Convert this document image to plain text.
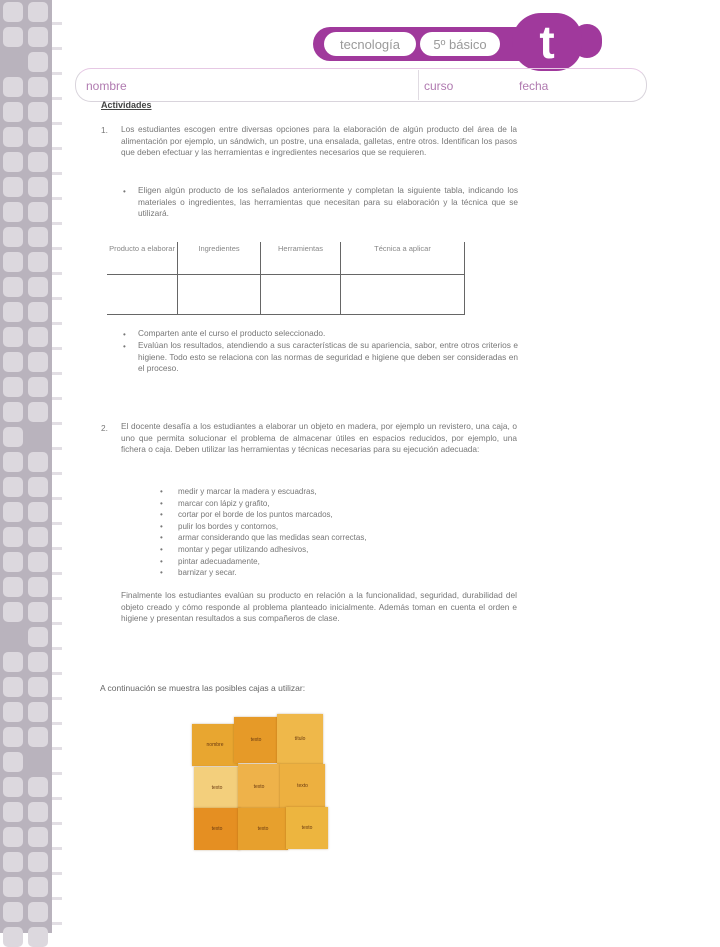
tecnología	5º básico	t
nombre	curso	fecha
Actividades
1. Los estudiantes escogen entre diversas opciones para la elaboración de algún producto del área de la alimentación por ejemplo, un sándwich, un postre, una ensalada, galletas, entre otros. Identifican los pasos que deben efectuar y las herramientas e ingredientes necesarios que se requieren.
• Eligen algún producto de los señalados anteriormente y completan la siguiente tabla, indicando los materiales o ingredientes, las herramientas que necesitan para su elaboración y la técnica que se utilizará.
Producto a elaborar	Ingredientes	Herramientas	Técnica a aplicar

• Comparten ante el curso el producto seleccionado.
• Evalúan los resultados, atendiendo a sus características de su apariencia, sabor, entre otros criterios e higiene. Todo esto se relaciona con las normas de seguridad e higiene que deben ser consideradas en el proceso.
2. El docente desafía a los estudiantes a elaborar un objeto en madera, por ejemplo un revistero, una caja, o uno que permita solucionar el problema de almacenar útiles en espacios reducidos, por ejemplo, una fichera o caja. Deben utilizar las herramientas y técnicas necesarias para su ejecución adecuada:
• medir y marcar la madera y escuadras,
• marcar con lápiz y grafito,
• cortar por el borde de los puntos marcados,
• pulir los bordes y contornos,
• armar considerando que las medidas sean correctas,
• montar y pegar utilizando adhesivos,
• pintar adecuadamente,
• barnizar y secar.
Finalmente los estudiantes evalúan su producto en relación a la funcionalidad, seguridad, durabilidad del objeto creado y cómo responde al problema planteado inicialmente. Además toman en cuenta el orden e higiene y presentan resultados a sus compañeros de clase.
A continuación se muestra las posibles cajas a utilizar:
nombre
texto	título
texto	texto	texto
texto	texto	texto
